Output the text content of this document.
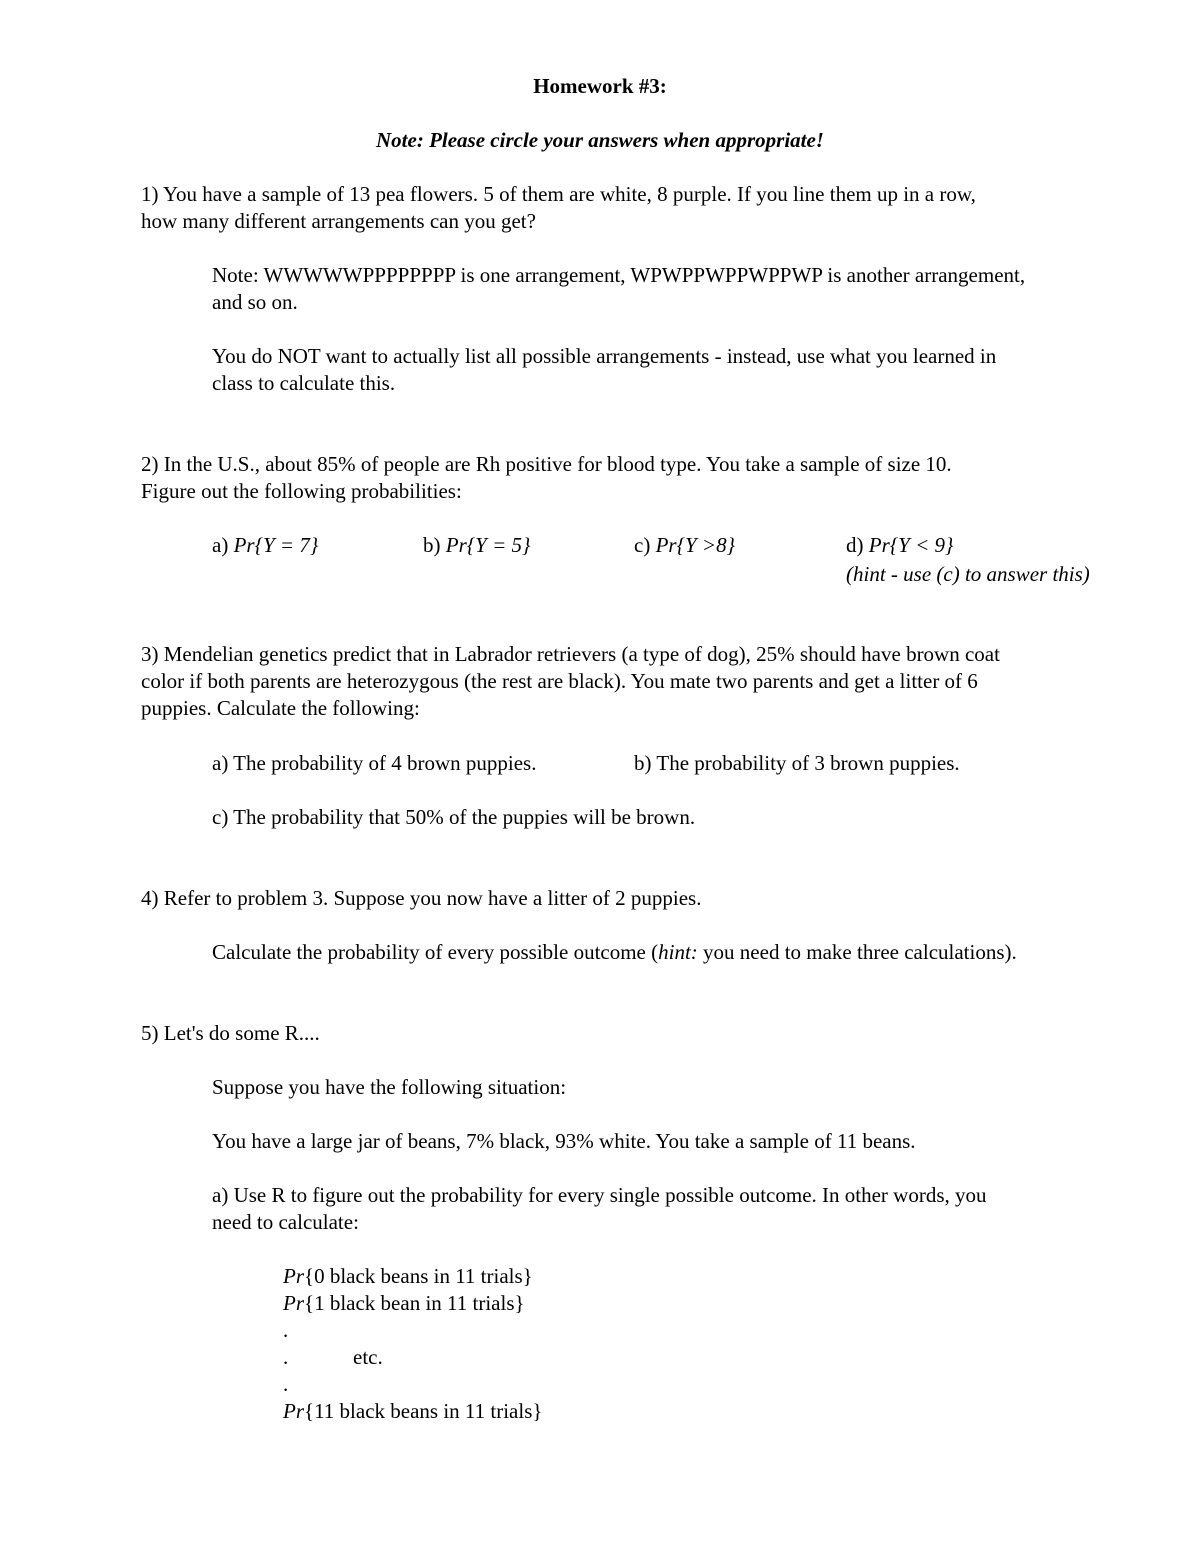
Homework #3:

Note: Please circle your answers when appropriate!

1) You have a sample of 13 pea flowers. 5 of them are white, 8 purple. If you line them up in a row,

how many different arrangements can you get?

Note: WWWWWPPPPPPPP is one arrangement, WPWPPWPPWPPWP is another arrangement,

and so on.

You do NOT want to actually list all possible arrangements - instead, use what you learned in

class to calculate this.

2) In the U.S., about 85% of people are Rh positive for blood type. You take a sample of size 10.

Figure out the following probabilities:

a) Pr{Y = 7}	b) Pr{Y = 5}	c) Pr{Y >8}	d) Pr{Y < 9}

(hint - use (c) to answer this)

3) Mendelian genetics predict that in Labrador retrievers (a type of dog), 25% should have brown coat

color if both parents are heterozygous (the rest are black). You mate two parents and get a litter of 6

puppies. Calculate the following:

a) The probability of 4 brown puppies.	b) The probability of 3 brown puppies.

c) The probability that 50% of the puppies will be brown.

4) Refer to problem 3. Suppose you now have a litter of 2 puppies.

Calculate the probability of every possible outcome (hint: you need to make three calculations).

5) Let's do some R....

Suppose you have the following situation:

You have a large jar of beans, 7% black, 93% white. You take a sample of 11 beans.

a) Use R to figure out the probability for every single possible outcome. In other words, you

need to calculate:

Pr{0 black beans in 11 trials}

Pr{1 black bean in 11 trials}

.

.	etc.

.

Pr{11 black beans in 11 trials}
